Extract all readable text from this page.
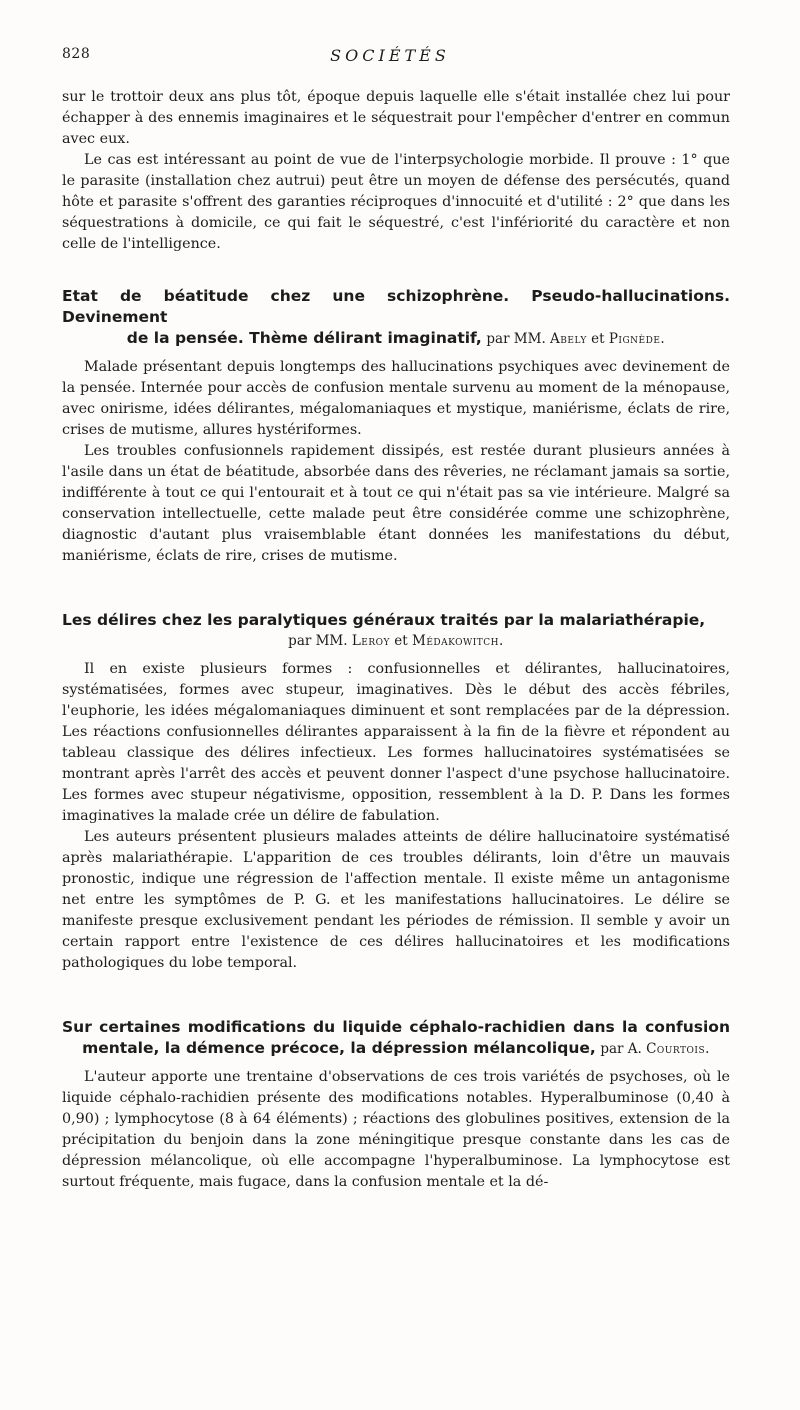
828	SOCIÉTÉS

sur le trottoir deux ans plus tôt, époque depuis laquelle elle s'était installée chez lui pour échapper à des ennemis imaginaires et le séquestrait pour l'empêcher d'entrer en commun avec eux.

Le cas est intéressant au point de vue de l'interpsychologie morbide. Il prouve : 1° que le parasite (installation chez autrui) peut être un moyen de défense des persécutés, quand hôte et parasite s'offrent des garanties réciproques d'innocuité et d'utilité : 2° que dans les séquestrations à domicile, ce qui fait le séquestré, c'est l'infériorité du caractère et non celle de l'intelligence.

Etat de béatitude chez une schizophrène. Pseudo-hallucinations. Devinement
de la pensée. Thème délirant imaginatif, par MM. Abely et Pignède.

Malade présentant depuis longtemps des hallucinations psychiques avec devinement de la pensée. Internée pour accès de confusion mentale survenu au moment de la ménopause, avec onirisme, idées délirantes, mégalomaniaques et mystique, maniérisme, éclats de rire, crises de mutisme, allures hystériformes.

Les troubles confusionnels rapidement dissipés, est restée durant plusieurs années à l'asile dans un état de béatitude, absorbée dans des rêveries, ne réclamant jamais sa sortie, indifférente à tout ce qui l'entourait et à tout ce qui n'était pas sa vie intérieure. Malgré sa conservation intellectuelle, cette malade peut être considérée comme une schizophrène, diagnostic d'autant plus vraisemblable étant données les manifestations du début, maniérisme, éclats de rire, crises de mutisme.

Les délires chez les paralytiques généraux traités par la malariathérapie,
par MM. Leroy et Médakowitch.

Il en existe plusieurs formes : confusionnelles et délirantes, hallucinatoires, systématisées, formes avec stupeur, imaginatives. Dès le début des accès fébriles, l'euphorie, les idées mégalomaniaques diminuent et sont remplacées par de la dépression. Les réactions confusionnelles délirantes apparaissent à la fin de la fièvre et répondent au tableau classique des délires infectieux. Les formes hallucinatoires systématisées se montrant après l'arrêt des accès et peuvent donner l'aspect d'une psychose hallucinatoire. Les formes avec stupeur négativisme, opposition, ressemblent à la D. P. Dans les formes imaginatives la malade crée un délire de fabulation.

Les auteurs présentent plusieurs malades atteints de délire hallucinatoire systématisé après malariathérapie. L'apparition de ces troubles délirants, loin d'être un mauvais pronostic, indique une régression de l'affection mentale. Il existe même un antagonisme net entre les symptômes de P. G. et les manifestations hallucinatoires. Le délire se manifeste presque exclusivement pendant les périodes de rémission. Il semble y avoir un certain rapport entre l'existence de ces délires hallucinatoires et les modifications pathologiques du lobe temporal.

Sur certaines modifications du liquide céphalo-rachidien dans la confusion
mentale, la démence précoce, la dépression mélancolique, par A. Courtois.

L'auteur apporte une trentaine d'observations de ces trois variétés de psychoses, où le liquide céphalo-rachidien présente des modifications notables. Hyperalbuminose (0,40 à 0,90) ; lymphocytose (8 à 64 éléments) ; réactions des globulines positives, extension de la précipitation du benjoin dans la zone méningitique presque constante dans les cas de dépression mélancolique, où elle accompagne l'hyperalbuminose. La lymphocytose est surtout fréquente, mais fugace, dans la confusion mentale et la dé-
